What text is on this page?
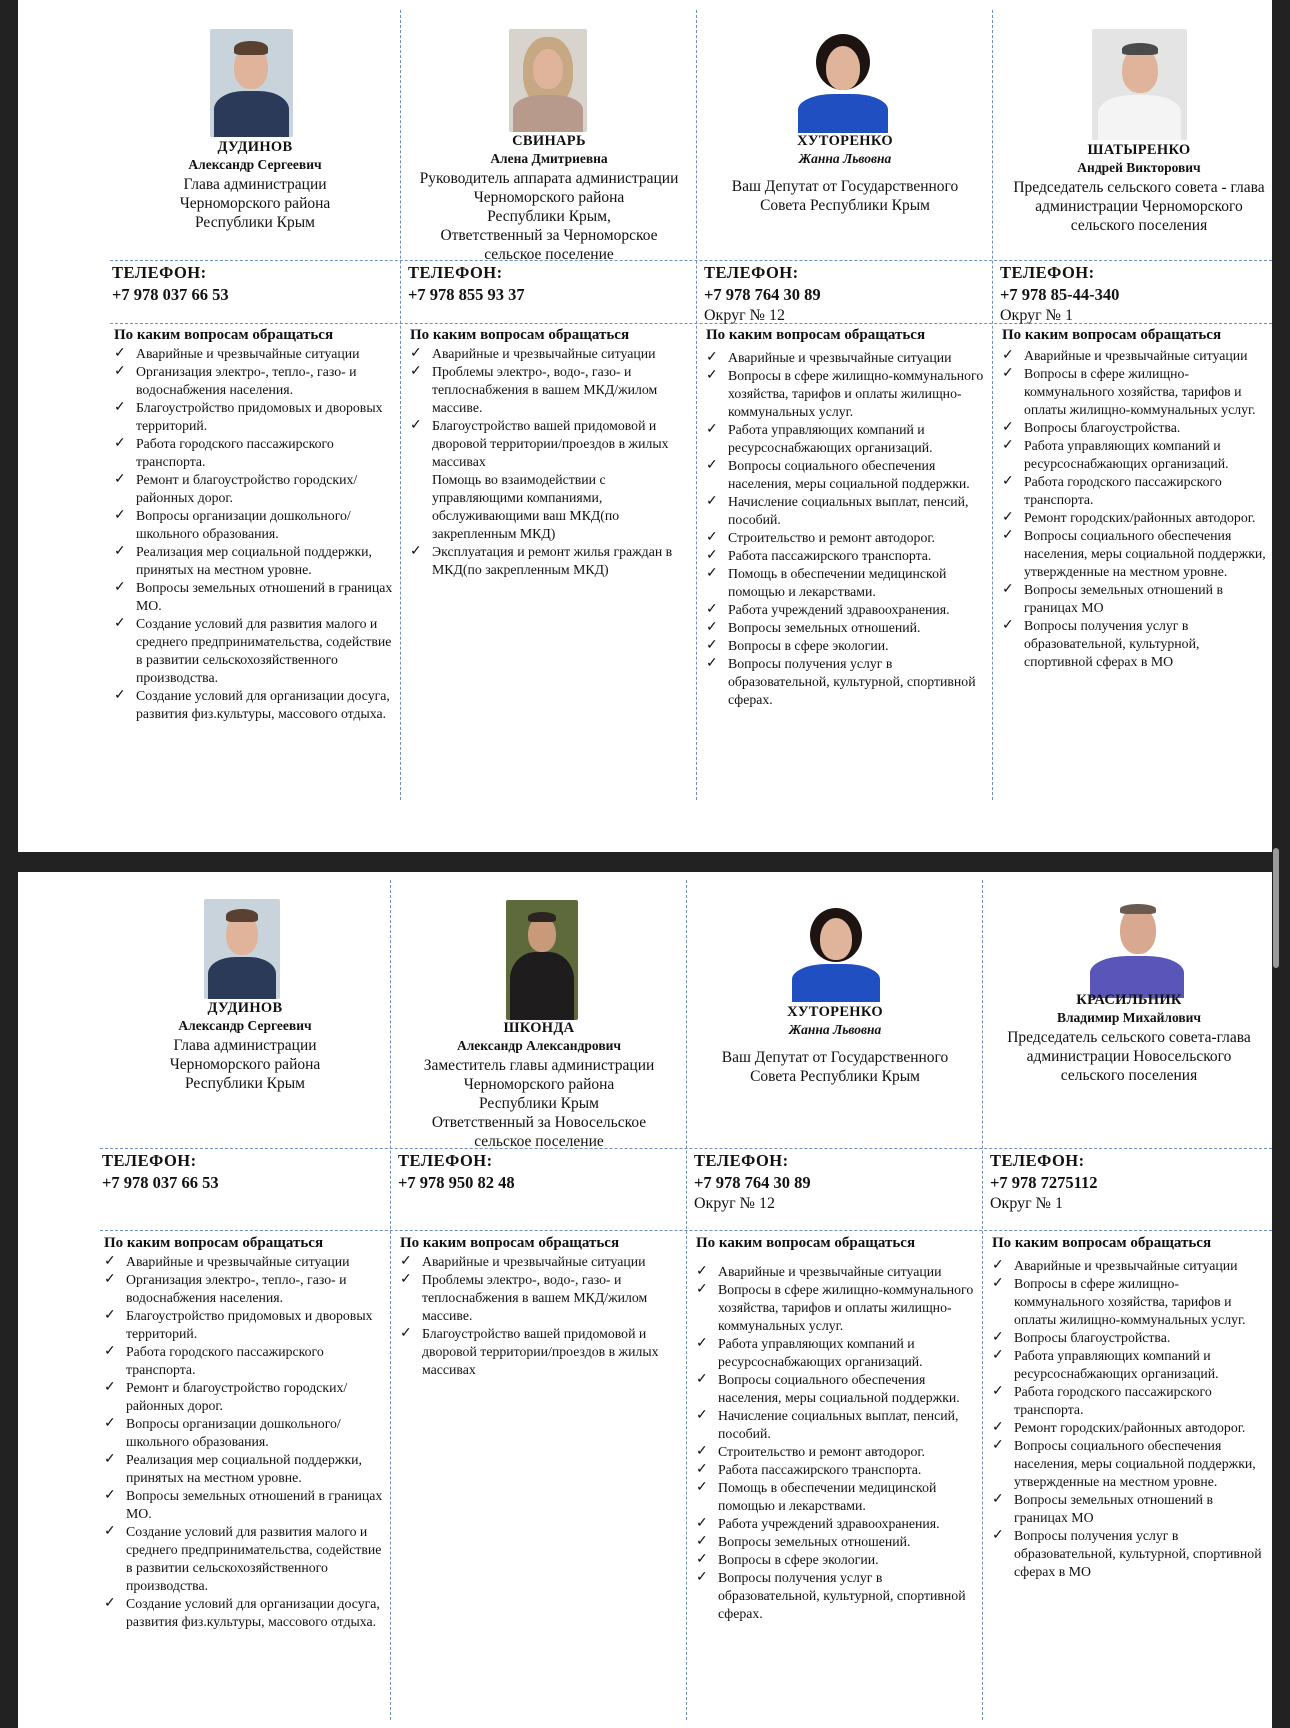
ДУДИНОВ
Александр Сергеевич
Глава администрации
Черноморского района
Республики Крым
ТЕЛЕФОН:
+7 978 037 66 53
По каким вопросам обращаться
✓ Аварийные и чрезвычайные ситуации
✓ Организация электро-, тепло-, газо- и водоснабжения населения.
✓ Благоустройство придомовых и дворовых территорий.
✓ Работа городского пассажирского транспорта.
✓ Ремонт и благоустройство городских/районных дорог.
✓ Вопросы организации дошкольного/школьного образования.
✓ Реализация мер социальной поддержки, принятых на местном уровне.
✓ Вопросы земельных отношений в границах МО.
✓ Создание условий для развития малого и среднего предпринимательства, содействие в развитии сельскохозяйственного производства.
✓ Создание условий для организации досуга, развития физ.культуры, массового отдыха.
СВИНАРЬ
Алена Дмитриевна
Руководитель аппарата администрации
Черноморского района
Республики Крым,
Ответственный за Черноморское
сельское поселение
ТЕЛЕФОН:
+7 978 855 93 37
По каким вопросам обращаться
✓ Аварийные и чрезвычайные ситуации
✓ Проблемы электро-, водо-, газо- и теплоснабжения в вашем МКД/жилом массиве.
✓ Благоустройство вашей придомовой и дворовой территории/проездов в жилых массивах
Помощь во взаимодействии с управляющими компаниями, обслуживающими ваш МКД(по закрепленным МКД)
✓ Эксплуатация и ремонт жилья граждан в МКД(по закрепленным МКД)
ХУТОРЕНКО
Жанна Львовна
Ваш Депутат от Государственного
Совета Республики Крым
ТЕЛЕФОН:
+7 978 764 30 89
Округ № 12
По каким вопросам обращаться
✓ Аварийные и чрезвычайные ситуации
✓ Вопросы в сфере жилищно-коммунального хозяйства, тарифов и оплаты жилищно-коммунальных услуг.
✓ Работа управляющих компаний и ресурсоснабжающих организаций.
✓ Вопросы социального обеспечения населения, меры социальной поддержки.
✓ Начисление социальных выплат, пенсий, пособий.
✓ Строительство и ремонт автодорог.
✓ Работа пассажирского транспорта.
✓ Помощь в обеспечении медицинской помощью и лекарствами.
✓ Работа учреждений здравоохранения.
✓ Вопросы земельных отношений.
✓ Вопросы в сфере экологии.
✓ Вопросы получения услуг в образовательной, культурной, спортивной сферах.
ШАТЫРЕНКО
Андрей Викторович
Председатель сельского совета - глава
администрации Черноморского
сельского поселения
ТЕЛЕФОН:
+7 978 85-44-340
Округ № 1
По каким вопросам обращаться
✓ Аварийные и чрезвычайные ситуации
✓ Вопросы в сфере жилищно-коммунального хозяйства, тарифов и оплаты жилищно-коммунальных услуг.
✓ Вопросы благоустройства.
✓ Работа управляющих компаний и ресурсоснабжающих организаций.
✓ Работа городского пассажирского транспорта.
✓ Ремонт городских/районных автодорог.
✓ Вопросы социального обеспечения населения, меры социальной поддержки, утвержденные на местном уровне.
✓ Вопросы земельных отношений в границах МО
✓ Вопросы получения услуг в образовательной, культурной, спортивной сферах в МО
ДУДИНОВ
Александр Сергеевич
Глава администрации
Черноморского района
Республики Крым
ТЕЛЕФОН:
+7 978 037 66 53
По каким вопросам обращаться
✓ Аварийные и чрезвычайные ситуации
✓ Организация электро-, тепло-, газо- и водоснабжения населения.
✓ Благоустройство придомовых и дворовых территорий.
✓ Работа городского пассажирского транспорта.
✓ Ремонт и благоустройство городских/районных дорог.
✓ Вопросы организации дошкольного/школьного образования.
✓ Реализация мер социальной поддержки, принятых на местном уровне.
✓ Вопросы земельных отношений в границах МО.
✓ Создание условий для развития малого и среднего предпринимательства, содействие в развитии сельскохозяйственного производства.
✓ Создание условий для организации досуга, развития физ.культуры, массового отдыха.
ШКОНДА
Александр Александрович
Заместитель главы администрации
Черноморского района
Республики Крым
Ответственный за Новосельское
сельское поселение
ТЕЛЕФОН:
+7 978 950 82 48
По каким вопросам обращаться
✓ Аварийные и чрезвычайные ситуации
✓ Проблемы электро-, водо-, газо- и теплоснабжения в вашем МКД/жилом массиве.
✓ Благоустройство вашей придомовой и дворовой территории/проездов в жилых массивах
ХУТОРЕНКО
Жанна Львовна
Ваш Депутат от Государственного
Совета Республики Крым
ТЕЛЕФОН:
+7 978 764 30 89
Округ № 12
По каким вопросам обращаться
✓ Аварийные и чрезвычайные ситуации
✓ Вопросы в сфере жилищно-коммунального хозяйства, тарифов и оплаты жилищно-коммунальных услуг.
✓ Работа управляющих компаний и ресурсоснабжающих организаций.
✓ Вопросы социального обеспечения населения, меры социальной поддержки.
✓ Начисление социальных выплат, пенсий, пособий.
✓ Строительство и ремонт автодорог.
✓ Работа пассажирского транспорта.
✓ Помощь в обеспечении медицинской помощью и лекарствами.
✓ Работа учреждений здравоохранения.
✓ Вопросы земельных отношений.
✓ Вопросы в сфере экологии.
✓ Вопросы получения услуг в образовательной, культурной, спортивной сферах.
КРАСИЛЬНИК
Владимир Михайлович
Председатель сельского совета-глава
администрации Новосельского
сельского поселения
ТЕЛЕФОН:
+7 978 7275112
Округ № 1
По каким вопросам обращаться
✓ Аварийные и чрезвычайные ситуации
✓ Вопросы в сфере жилищно-коммунального хозяйства, тарифов и оплаты жилищно-коммунальных услуг.
✓ Вопросы благоустройства.
✓ Работа управляющих компаний и ресурсоснабжающих организаций.
✓ Работа городского пассажирского транспорта.
✓ Ремонт городских/районных автодорог.
✓ Вопросы социального обеспечения населения, меры социальной поддержки, утвержденные на местном уровне.
✓ Вопросы земельных отношений в границах МО
✓ Вопросы получения услуг в образовательной, культурной, спортивной сферах в МО
